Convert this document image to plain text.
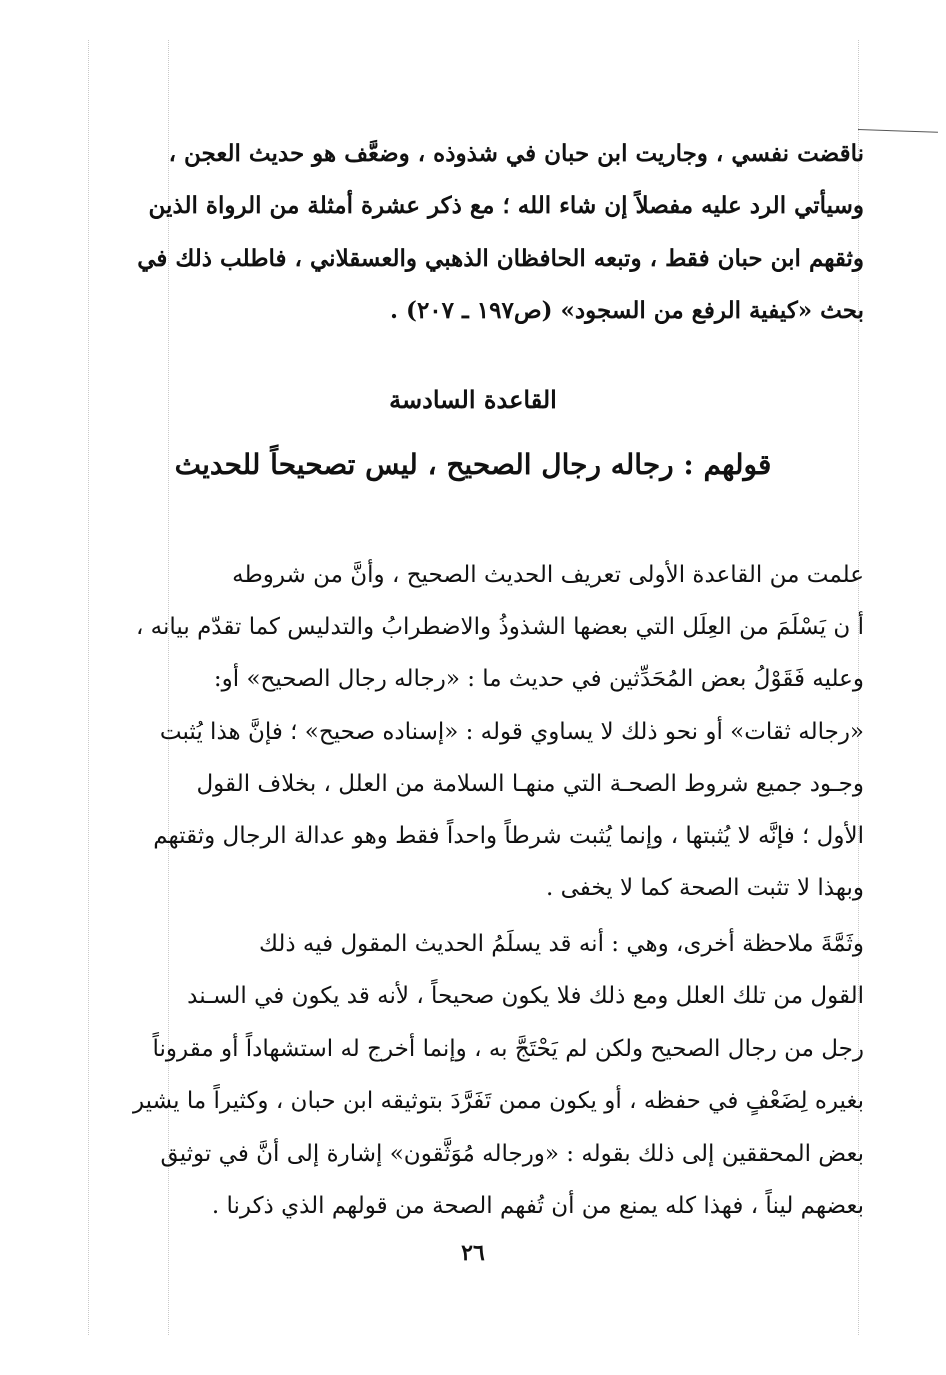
ناقضت نفسي ، وجاريت ابن حبان في شذوذه ، وضعَّف هو حديث العجن ،
وسيأتي الرد عليه مفصلاً إن شاء الله ؛ مع ذكر عشرة أمثلة من الرواة الذين
وثقهم ابن حبان فقط ، وتبعه الحافظان الذهبي والعسقلاني ، فاطلب ذلك في
بحث «كيفية الرفع من السجود» (ص١٩٧ ـ ٢٠٧) .
القاعدة السادسة
قولهم : رجاله رجال الصحيح ، ليس تصحيحاً للحديث
علمت من القاعدة الأولى تعريف الحديث الصحيح ، وأنَّ من شروطه
أ ن يَسْلَمَ من العِلَل التي بعضها الشذوذُ والاضطرابُ والتدليس كما تقدّم بيانه ،
وعليه فَقَوْلُ بعض المُحَدِّثين في حديث ما : «رجاله رجال الصحيح» أو:
«رجاله ثقات» أو نحو ذلك لا يساوي قوله : «إسناده صحيح» ؛ فإنَّ هذا يُثبت
وجـود جميع شروط الصحـة التي منهـا السلامة من العلل ، بخلاف القول
الأول ؛ فإنَّه لا يُثبتها ، وإنما يُثبت شرطاً واحداً فقط وهو عدالة الرجال وثقتهم
وبهذا لا تثبت الصحة كما لا يخفى .
وثَمَّةَ ملاحظة أخرى، وهي : أنه قد يسلَمُ الحديث المقول فيه ذلك
القول من تلك العلل ومع ذلك فلا يكون صحيحاً ، لأنه قد يكون في السـند
رجل من رجال الصحيح ولكن لم يَحْتَجَّ به ، وإنما أخرج له استشهاداً أو مقروناً
بغيره لِضَعْفٍ في حفظه ، أو يكون ممن تَفَرَّدَ بتوثيقه ابن حبان ، وكثيراً ما يشير
بعض المحققين إلى ذلك بقوله : «ورجاله مُوَثَّقون» إشارة إلى أنَّ في توثيق
بعضهم ليناً ، فهذا كله يمنع من أن تُفهم الصحة من قولهم الذي ذكرنا .
٢٦
